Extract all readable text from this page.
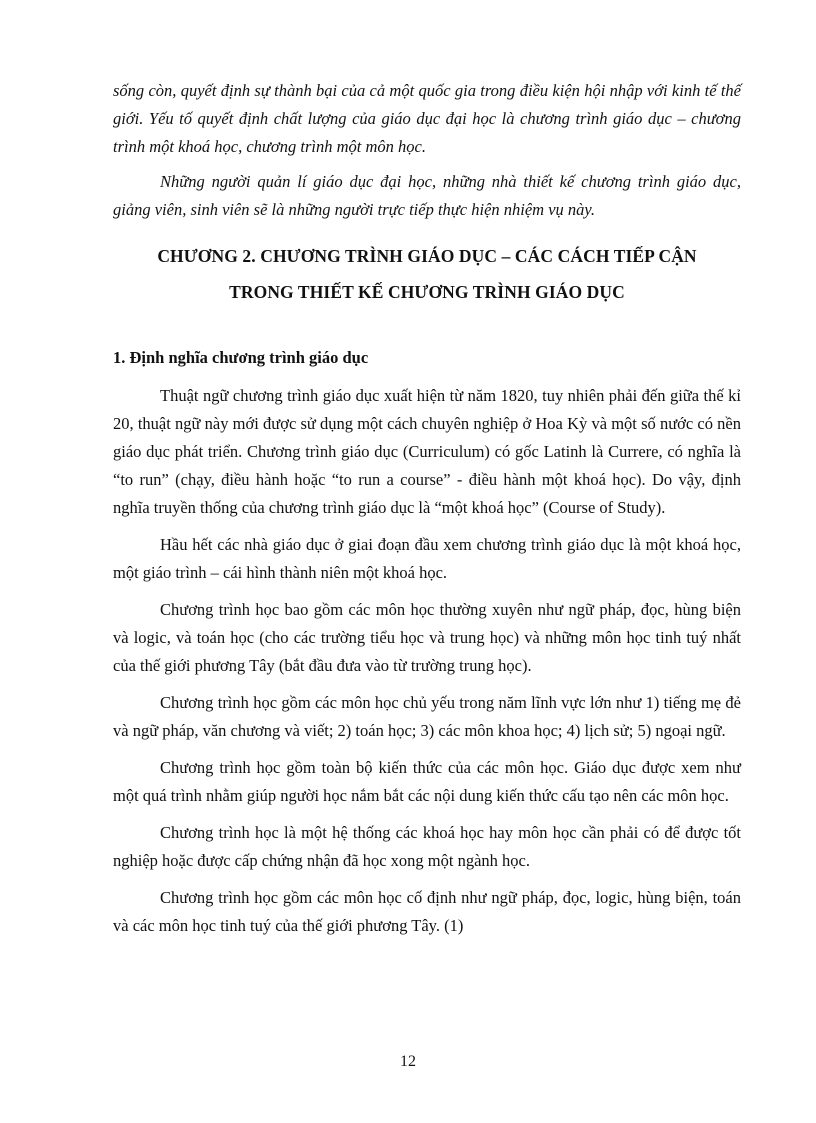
sống còn, quyết định sự thành bại của cả một quốc gia trong điều kiện hội nhập với kinh tế thế giới. Yếu tố quyết định chất lượng của giáo dục đại học là chương trình giáo dục – chương trình một khoá học, chương trình một môn học.

Những người quản lí giáo dục đại học, những nhà thiết kế chương trình giáo dục, giảng viên, sinh viên sẽ là những người trực tiếp thực hiện nhiệm vụ này.

CHƯƠNG 2. CHƯƠNG TRÌNH GIÁO DỤC – CÁC CÁCH TIẾP CẬN
TRONG THIẾT KẾ CHƯƠNG TRÌNH GIÁO DỤC
1. Định nghĩa chương trình giáo dục

Thuật ngữ chương trình giáo dục xuất hiện từ năm 1820, tuy nhiên phải đến giữa thế kỉ 20, thuật ngữ này mới được sử dụng một cách chuyên nghiệp ở Hoa Kỳ và một số nước có nền giáo dục phát triển. Chương trình giáo dục (Curriculum) có gốc Latinh là Currere, có nghĩa là “to run” (chạy, điều hành hoặc “to run a course” - điều hành một khoá học). Do vậy, định nghĩa truyền thống của chương trình giáo dục là “một khoá học” (Course of Study).

Hầu hết các nhà giáo dục ở giai đoạn đầu xem chương trình giáo dục là một khoá học, một giáo trình – cái hình thành niên một khoá học.

Chương trình học bao gồm các môn học thường xuyên như ngữ pháp, đọc, hùng biện và logic, và toán học (cho các trường tiểu học và trung học) và những môn học tinh tuý nhất của thế giới phương Tây (bắt đầu đưa vào từ trường trung học).

Chương trình học gồm các môn học chủ yếu trong năm lĩnh vực lớn như 1) tiếng mẹ đẻ và ngữ pháp, văn chương và viết; 2) toán học; 3) các môn khoa học; 4) lịch sử; 5) ngoại ngữ.

Chương trình học gồm toàn bộ kiến thức của các môn học. Giáo dục được xem như một quá trình nhằm giúp người học nắm bắt các nội dung kiến thức cấu tạo nên các môn học.

Chương trình học là một hệ thống các khoá học hay môn học cần phải có để được tốt nghiệp hoặc được cấp chứng nhận đã học xong một ngành học.

Chương trình học gồm các môn học cố định như ngữ pháp, đọc, logic, hùng biện, toán và các môn học tinh tuý của thế giới phương Tây. (1)

12
